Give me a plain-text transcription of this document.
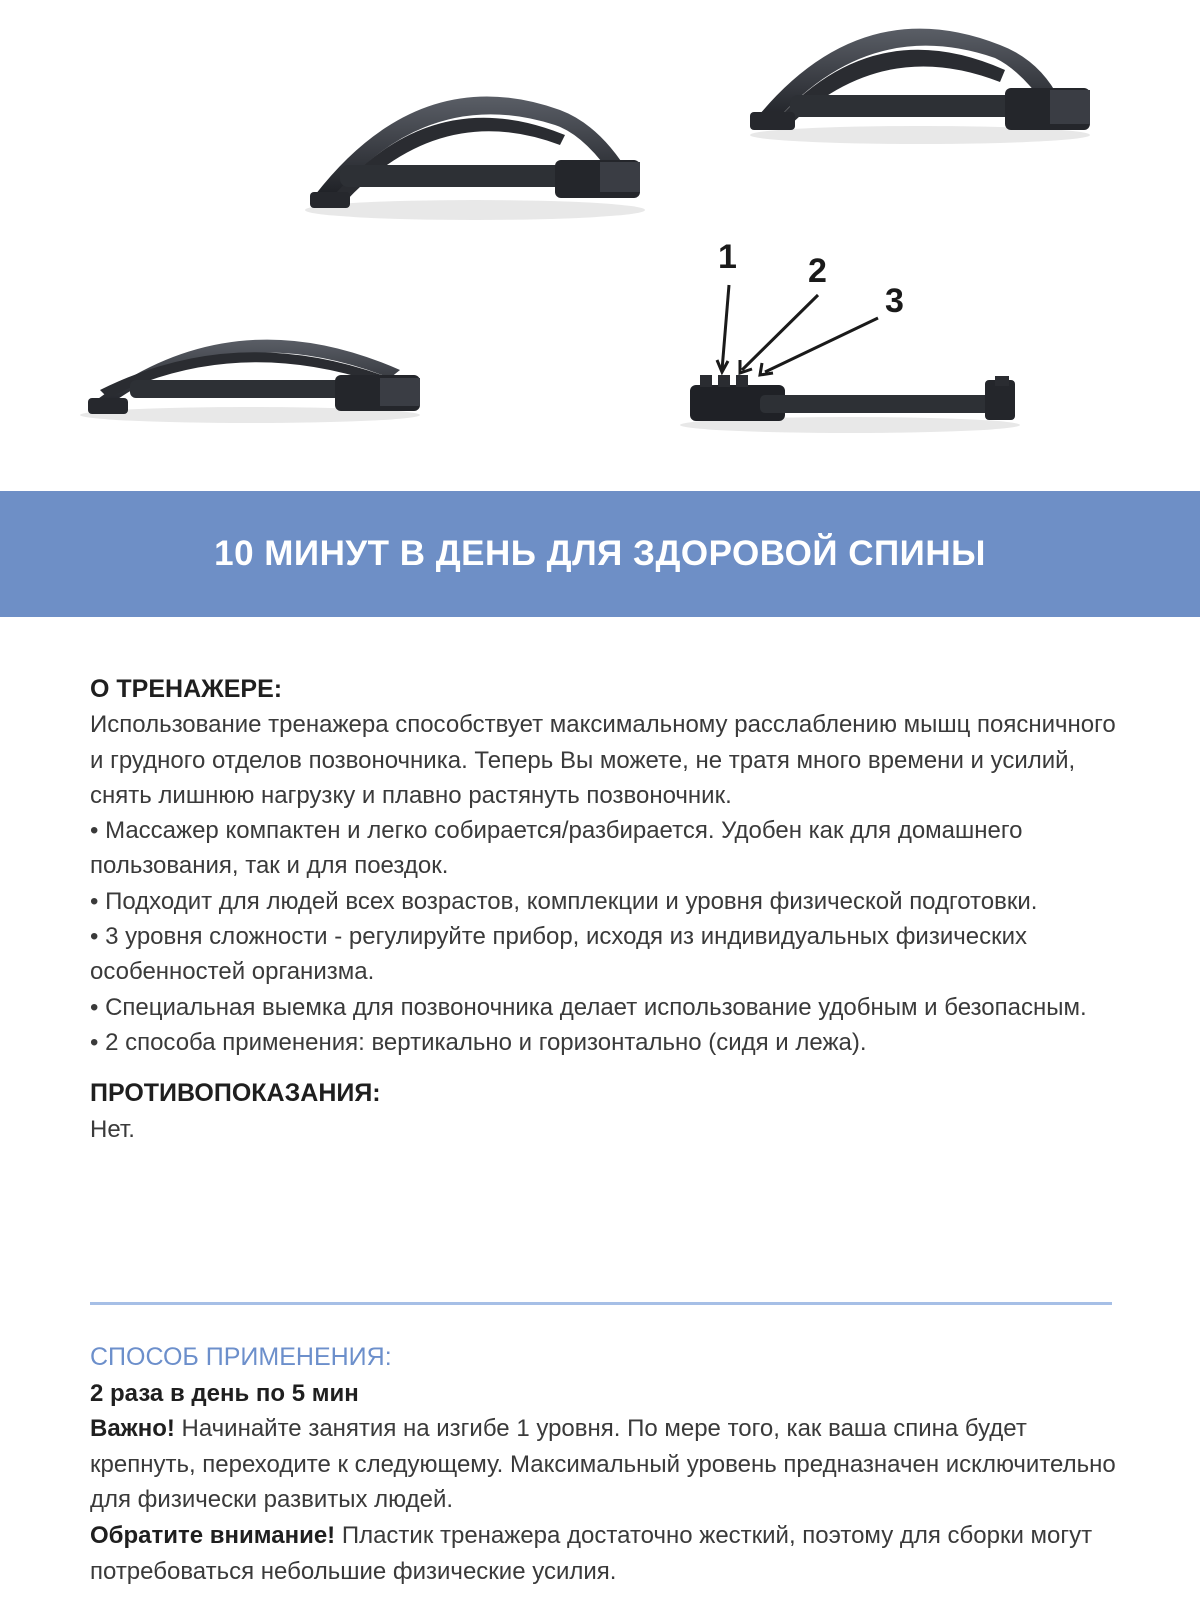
1 2
3
10 МИНУТ В ДЕНЬ ДЛЯ ЗДОРОВОЙ СПИНЫ
О ТРЕНАЖЕРЕ:

Использование тренажера способствует максимальному расслаблению мышц поясничного и грудного отделов позвоночника. Теперь Вы можете, не тратя много времени и усилий, снять лишнюю нагрузку и плавно растянуть позвоночник.

• Массажер компактен и легко собирается/разбирается. Удобен как для домашнего пользования, так и для поездок.

• Подходит для людей всех возрастов, комплекции и уровня физической подготовки.

• 3 уровня сложности - регулируйте прибор, исходя из индивидуальных физических особенностей организма.

• Специальная выемка для позвоночника делает использование удобным и безопасным.

• 2 способа применения: вертикально и горизонтально (сидя и лежа).

ПРОТИВОПОКАЗАНИЯ:

Нет.

СПОСОБ ПРИМЕНЕНИЯ:
2 раза в день по 5 мин

Важно! Начинайте занятия на изгибе 1 уровня. По мере того, как ваша спина будет крепнуть, переходите к следующему. Максимальный уровень предназначен исключительно для физически развитых людей.

Обратите внимание! Пластик тренажера достаточно жесткий, поэтому для сборки могут потребоваться небольшие физические усилия.
